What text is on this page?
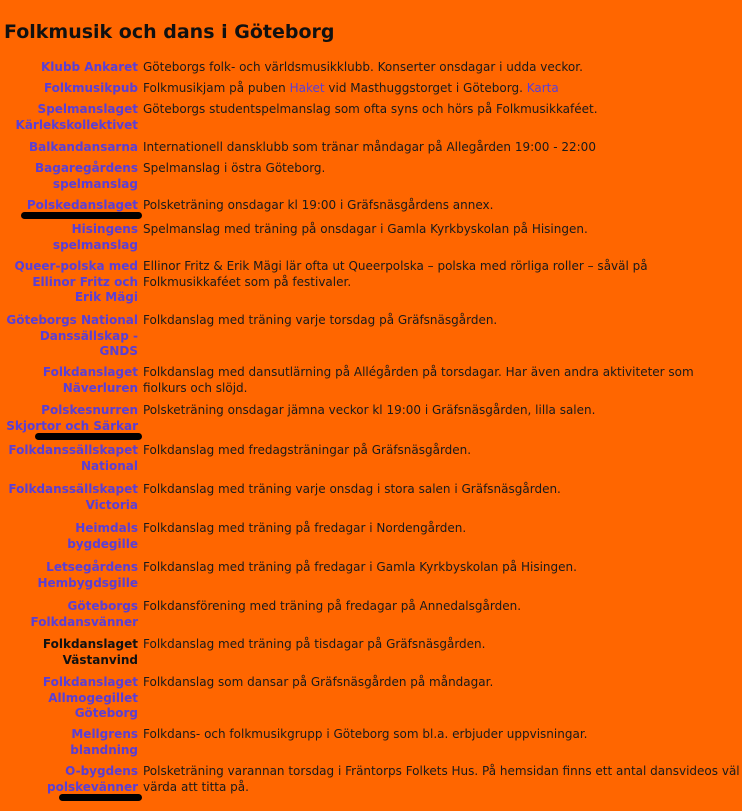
Folkmusik och dans i Göteborg
Klubb Ankaret	Göteborgs folk- och världsmusikklubb. Konserter onsdagar i udda veckor.
Folkmusikpub	Folkmusikjam på puben Haket vid Masthuggstorget i Göteborg. Karta
Spelmanslaget Kärlekskollektivet	Göteborgs studentspelmanslag som ofta syns och hörs på Folkmusikkaféet.
Balkandansarna	Internationell dansklubb som tränar måndagar på Allegården 19:00 - 22:00
Bagaregårdens spelmanslag	Spelmanslag i östra Göteborg.
Polskedanslaget	Polsketräning onsdagar kl 19:00 i Gräfsnäsgårdens annex.
Hisingens spelmanslag	Spelmanslag med träning på onsdagar i Gamla Kyrkbyskolan på Hisingen.
Queer-polska med Ellinor Fritz och Erik Mägi	Ellinor Fritz & Erik Mägi lär ofta ut Queerpolska – polska med rörliga roller – såväl på Folkmusikkaféet som på festivaler.
Göteborgs National Danssällskap - GNDS	Folkdanslag med träning varje torsdag på Gräfsnäsgården.
Folkdanslaget Näverluren	Folkdanslag med dansutlärning på Allégården på torsdagar. Har även andra aktiviteter som fiolkurs och slöjd.
Polskesnurren Skjortor och Särkar	Polsketräning onsdagar jämna veckor kl 19:00 i Gräfsnäsgården, lilla salen.
Folkdanssällskapet National	Folkdanslag med fredagsträningar på Gräfsnäsgården.
Folkdanssällskapet Victoria	Folkdanslag med träning varje onsdag i stora salen i Gräfsnäsgården.
Heimdals bygdegille	Folkdanslag med träning på fredagar i Nordengården.
Letsegårdens Hembygdsgille	Folkdanslag med träning på fredagar i Gamla Kyrkbyskolan på Hisingen.
Göteborgs Folkdansvänner	Folkdansförening med träning på fredagar på Annedalsgården.
Folkdanslaget Västanvind	Folkdanslag med träning på tisdagar på Gräfsnäsgården.
Folkdanslaget Allmogegillet Göteborg	Folkdanslag som dansar på Gräfsnäsgården på måndagar.
Mellgrens blandning	Folkdans- och folkmusikgrupp i Göteborg som bl.a. erbjuder uppvisningar.
O-bygdens polskevänner	Polsketräning varannan torsdag i Fräntorps Folkets Hus. På hemsidan finns ett antal dansvideos väl värda att titta på.
